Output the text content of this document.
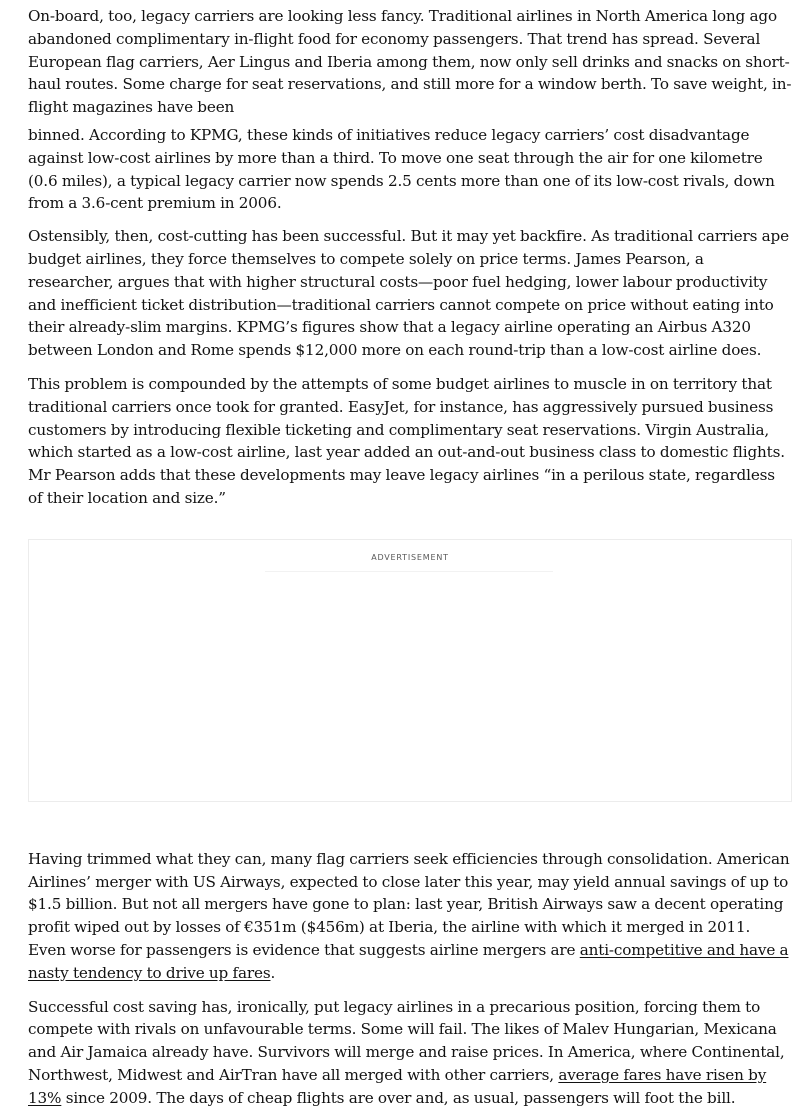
On-board, too, legacy carriers are looking less fancy. Traditional airlines in North America long ago abandoned complimentary in-flight food for economy passengers. That trend has spread. Several European flag carriers, Aer Lingus and Iberia among them, now only sell drinks and snacks on short-haul routes. Some charge for seat reservations, and still more for a window berth. To save weight, in-flight magazines have been

binned. According to KPMG, these kinds of initiatives reduce legacy carriers’ cost disadvantage against low-cost airlines by more than a third. To move one seat through the air for one kilometre (0.6 miles), a typical legacy carrier now spends 2.5 cents more than one of its low-cost rivals, down from a 3.6-cent premium in 2006.

Ostensibly, then, cost-cutting has been successful. But it may yet backfire. As traditional carriers ape budget airlines, they force themselves to compete solely on price terms. James Pearson, a researcher, argues that with higher structural costs—poor fuel hedging, lower labour productivity and inefficient ticket distribution—traditional carriers cannot compete on price without eating into their already-slim margins. KPMG’s figures show that a legacy airline operating an Airbus A320 between London and Rome spends $12,000 more on each round-trip than a low-cost airline does.

This problem is compounded by the attempts of some budget airlines to muscle in on territory that traditional carriers once took for granted. EasyJet, for instance, has aggressively pursued business customers by introducing flexible ticketing and complimentary seat reservations. Virgin Australia, which started as a low-cost airline, last year added an out-and-out business class to domestic flights. Mr Pearson adds that these developments may leave legacy airlines “in a perilous state, regardless of their location and size.”

ADVERTISEMENT

Having trimmed what they can, many flag carriers seek efficiencies through consolidation. American Airlines’ merger with US Airways, expected to close later this year, may yield annual savings of up to $1.5 billion. But not all mergers have gone to plan: last year, British Airways saw a decent operating profit wiped out by losses of €351m ($456m) at Iberia, the airline with which it merged in 2011. Even worse for passengers is evidence that suggests airline mergers are anti-competitive and have a nasty tendency to drive up fares.

Successful cost saving has, ironically, put legacy airlines in a precarious position, forcing them to compete with rivals on unfavourable terms. Some will fail. The likes of Malev Hungarian, Mexicana and Air Jamaica already have. Survivors will merge and raise prices. In America, where Continental, Northwest, Midwest and AirTran have all merged with other carriers, average fares have risen by 13% since 2009. The days of cheap flights are over and, as usual, passengers will foot the bill.
